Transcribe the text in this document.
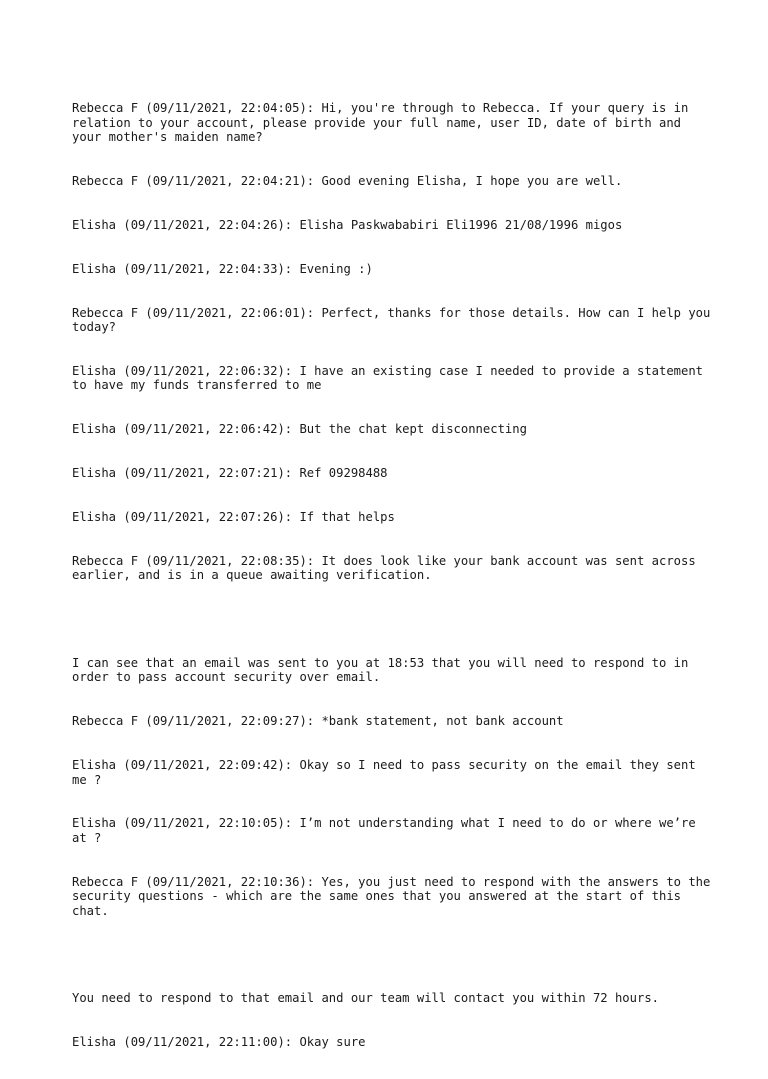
Rebecca F (09/11/2021, 22:04:05): Hi, you're through to Rebecca. If your query is in relation to your account, please provide your full name, user ID, date of birth and your mother's maiden name?

Rebecca F (09/11/2021, 22:04:21): Good evening Elisha, I hope you are well.

Elisha (09/11/2021, 22:04:26): Elisha Paskwababiri Eli1996 21/08/1996 migos

Elisha (09/11/2021, 22:04:33): Evening :)

Rebecca F (09/11/2021, 22:06:01): Perfect, thanks for those details. How can I help you today?

Elisha (09/11/2021, 22:06:32): I have an existing case I needed to provide a statement to have my funds transferred to me

Elisha (09/11/2021, 22:06:42): But the chat kept disconnecting

Elisha (09/11/2021, 22:07:21): Ref 09298488

Elisha (09/11/2021, 22:07:26): If that helps

Rebecca F (09/11/2021, 22:08:35): It does look like your bank account was sent across earlier, and is in a queue awaiting verification.

I can see that an email was sent to you at 18:53 that you will need to respond to in order to pass account security over email.

Rebecca F (09/11/2021, 22:09:27): *bank statement, not bank account

Elisha (09/11/2021, 22:09:42): Okay so I need to pass security on the email they sent me ?

Elisha (09/11/2021, 22:10:05): I’m not understanding what I need to do or where we’re at ?

Rebecca F (09/11/2021, 22:10:36): Yes, you just need to respond with the answers to the security questions - which are the same ones that you answered at the start of this chat.

You need to respond to that email and our team will contact you within 72 hours.

Elisha (09/11/2021, 22:11:00): Okay sure
